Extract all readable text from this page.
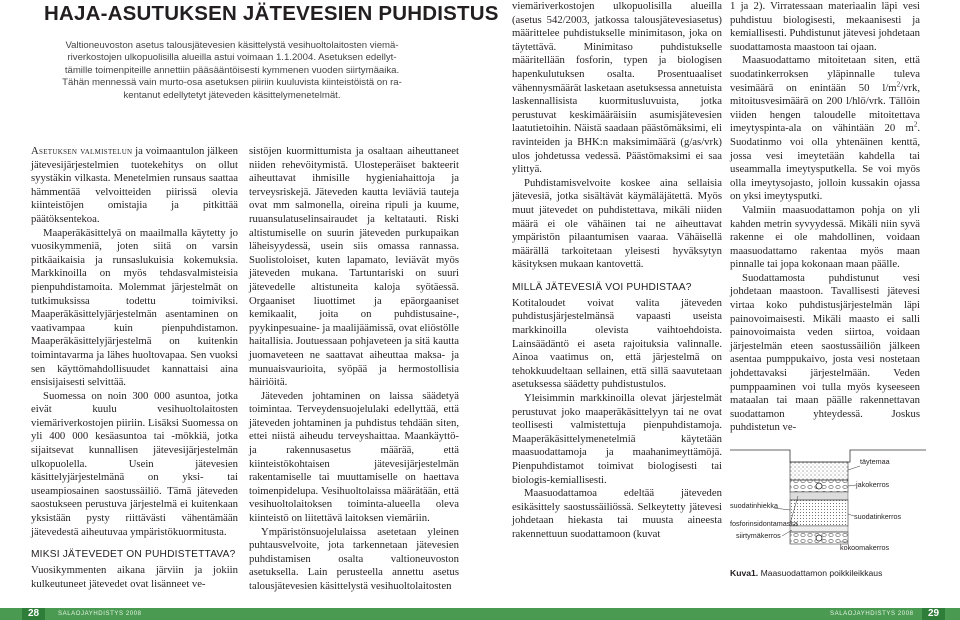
HAJA-ASUTUKSEN JÄTEVESIEN PUHDISTUS

Valtioneuvoston asetus talousjätevesien käsittelystä vesihuoltolaitosten viemä-

riverkostojen ulkopuolisilla alueilla astui voimaan 1.1.2004. Asetuksen edellyt-

tämille toimenpiteille annettiin pääsääntöisesti kymmenen vuoden siirtymäaika.

Tähän mennessä vain murto-osa asetuksen piiriin kuuluvista kiinteistöistä on ra-

kentanut edellytetyt jäteveden käsittelymenetelmät.

Asetuksen valmistelun ja voimaantulon jälkeen jätevesijärjestelmien tuotekehitys on ollut syystäkin vilkasta. Menetelmien runsaus saattaa hämmentää velvoitteiden piirissä olevia kiinteistöjen omistajia ja pitkittää päätöksentekoa.

Maaperäkäsittelyä on maailmalla käytetty jo vuosikymmeniä, joten siitä on varsin pitkäaikaisia ja runsaslukuisia kokemuksia. Markkinoilla on myös tehdasvalmisteisia pienpuhdistamoita. Molemmat järjestelmät on tutkimuksissa todettu toimiviksi. Maaperäkäsittelyjärjestelmän asentaminen on vaativampaa kuin pienpuhdistamon. Maaperäkäsittelyjärjestelmä on kuitenkin toimintavarma ja lähes huoltovapaa. Sen vuoksi sen käyttömahdollisuudet kannattaisi aina ensisijaisesti selvittää.

Suomessa on noin 300 000 asuntoa, jotka eivät kuulu vesihuoltolaitosten viemäriverkostojen piiriin. Lisäksi Suomessa on yli 400 000 kesäasuntoa tai -mökkiä, jotka sijaitsevat kunnallisen jätevesijärjestelmän ulkopuolella. Usein jätevesien käsittelyjärjestelmänä on yksi- tai useampiosainen saostussäiliö. Tämä jäteveden saostukseen perustuva järjestelmä ei kuitenkaan yksistään pysty riittävästi vähentämään jätevedestä aiheutuvaa ympäristökuormitusta.

MIKSI JÄTEVEDET ON PUHDISTETTAVA?

Vuosikymmenten aikana järviin ja jokiin kulkeutuneet jätevedet ovat lisänneet ve-

sistöjen kuormittumista ja osaltaan aiheuttaneet niiden rehevöitymistä. Ulosteperäiset bakteerit aiheuttavat ihmisille hygieniahaittoja ja terveysriskejä. Jäteveden kautta leviäviä tauteja ovat mm salmonella, oireina ripuli ja kuume, ruuansulatuselinsairaudet ja keltatauti. Riski altistumiselle on suurin jäteveden purkupaikan läheisyydessä, usein siis omassa rannassa. Suolistoloiset, kuten lapamato, leviävät myös jäteveden mukana. Tartuntariski on suuri jätevedelle altistuneita kaloja syötäessä. Orgaaniset liuottimet ja epäorgaaniset kemikaalit, joita on puhdistusaine-, pyykinpesuaine- ja maalijäämissä, ovat eliöstölle haitallisia. Joutuessaan pohjaveteen ja sitä kautta juomaveteen ne saattavat aiheuttaa maksa- ja munuaisvaurioita, syöpää ja hermostollisia häiriöitä.

Jäteveden johtaminen on laissa säädetyä toimintaa. Terveydensuojelulaki edellyttää, että jäteveden johtaminen ja puhdistus tehdään siten, ettei niistä aiheudu terveyshaittaa. Maankäyttö- ja rakennusasetus määrää, että kiinteistökohtaisen jätevesijärjestelmän rakentamiselle tai muuttamiselle on haettava toimenpidelupa. Vesihuoltolaissa määrätään, että vesihuoltolaitoksen toiminta-alueella oleva kiinteistö on liitettävä laitoksen viemäriin.

Ympäristönsuojelulaissa asetetaan yleinen puhtausvelvoite, jota tarkennetaan jätevesien puhdistamisen osalta valtioneuvoston asetuksella. Lain perusteella annettu asetus talousjätevesien käsittelystä vesihuoltolaitosten

viemäriverkostojen ulkopuolisilla alueilla (asetus 542/2003, jatkossa talousjätevesiasetus) määrittelee puhdistukselle minimitason, joka on täytettävä. Minimitaso puhdistukselle määritellään fosforin, typen ja biologisen hapenkulutuksen osalta. Prosentuaaliset vähennysmäärät lasketaan asetuksessa annetuista laskennallisista kuormitusluvuista, jotka perustuvat keskimääräisiin asumisjätevesien laatutietoihin. Näistä saadaan päästömäksimi, eli ravinteiden ja BHK:n maksimimäärä (g/as/vrk) ulos johdetussa vedessä. Päästömaksimi ei saa ylittyä.

Puhdistamisvelvoite koskee aina sellaisia jätevesiä, jotka sisältävät käymäläjätettä. Myös muut jätevedet on puhdistettava, mikäli niiden määrä ei ole vähäinen tai ne aiheuttavat ympäristön pilaantumisen vaaraa. Vähäisellä määrällä tarkoitetaan yleisesti hyväksytyn käsityksen mukaan kantovettä.

MILLÄ JÄTEVESIÄ VOI PUHDISTAA?

Kotitaloudet voivat valita jäteveden puhdistusjärjestelmänsä vapaasti useista markkinoilla olevista vaihtoehdoista. Lainsäädäntö ei aseta rajoituksia valinnalle. Ainoa vaatimus on, että järjestelmä on tehokkuudeltaan sellainen, että sillä saavutetaan asetuksessa säädetty puhdistustulos.

Yleisimmin markkinoilla olevat järjestelmät perustuvat joko maaperäkäsittelyyn tai ne ovat teollisesti valmistettuja pienpuhdistamoja. Maaperäkäsittelymenetelmiä käytetään maasuodattamoja ja maahanimeyttämöjä. Pienpuhdistamot toimivat biologisesti tai biologis-kemiallisesti.

Maasuodattamoa edeltää jäteveden esikäsittely saostussäiliössä. Selkeytetty jätevesi johdetaan hiekasta tai muusta aineesta rakennettuun suodattamoon (kuvat

1 ja 2). Virratessaan materiaalin läpi vesi puhdistuu biologisesti, mekaanisesti ja kemiallisesti. Puhdistunut jätevesi johdetaan suodattamosta maastoon tai ojaan.

Maasuodattamo mitoitetaan siten, että suodatinkerroksen yläpinnalle tuleva vesimäärä on enintään 50 $l/m^2$/vrk, mitoitusvesimäärä on 200 l/hlö/vrk. Tällöin viiden hengen taloudelle mitoitettava imeytyspinta-ala on vähintään 20 $m^2$. Suodatinmo voi olla yhtenäinen kenttä, jossa vesi imeytetään kahdella tai useammalla imeytysputkella. Se voi myös olla imeytysojasto, jolloin kussakin ojassa on yksi imeytysputki.

Valmiin maasuodattamon pohja on yli kahden metrin syvyydessä. Mikäli niin syvä rakenne ei ole mahdollinen, voidaan maasuodattamo rakentaa myös maan pinnalle tai jopa kokonaan maan päälle.

Suodattamosta puhdistunut vesi johdetaan maastoon. Tavallisesti jätevesi virtaa koko puhdistusjärjestelmän läpi painovoimaisesti. Mikäli maasto ei salli painovoimaista veden siirtoa, voidaan järjestelmän eteen saostussäiliön jälkeen asentaa pumppukaivo, josta vesi nostetaan johdettavaksi järjestelmään. Veden pumppaaminen voi tulla myös kyseeseen mataalan tai maan päälle rakennettavan suodattamon yhteydessä. Joskus puhdistetun ve-

täytemaa
jakokerros
suodatinkerros
suodatinhiekka
fosforinsidontamassa
siirtymäkerros
kokoomakerros
Kuva1. Maasuodattamon poikkileikkaus
28	SALAOJAYHDISTYS 2008	SALAOJAYHDISTYS 2008	29
